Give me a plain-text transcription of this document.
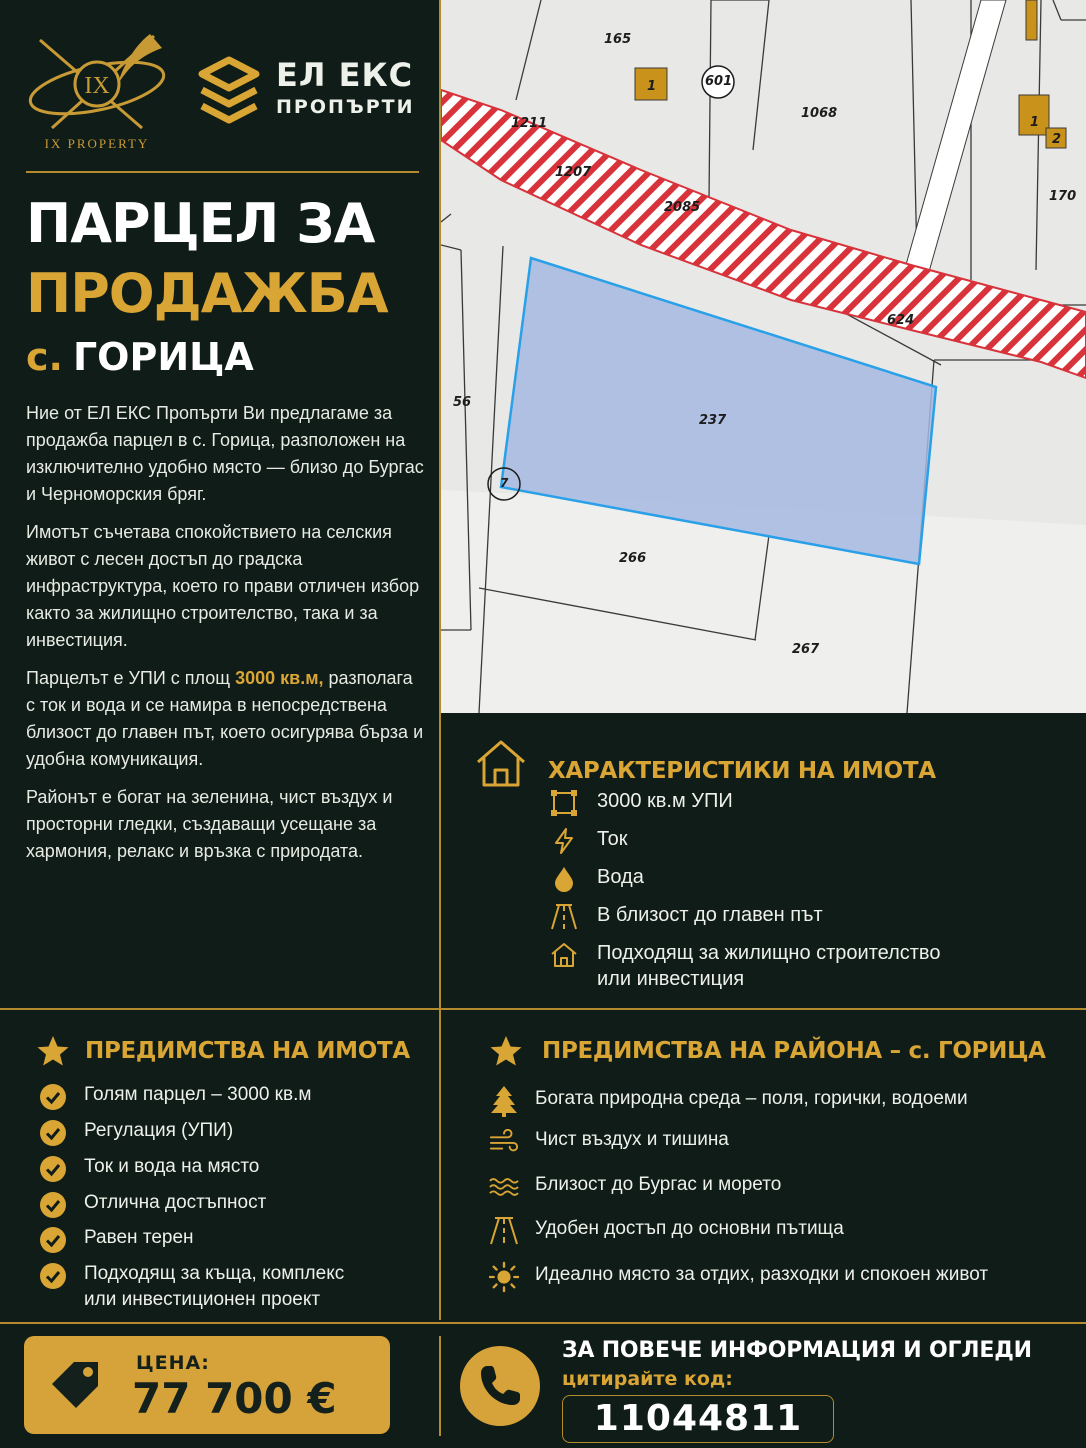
IX
IX PROPERTY
ЕЛ ЕКС
ПРОПЪРТИ
ПАРЦЕЛ ЗА
ПРОДАЖБА
с. ГОРИЦА

Ние от ЕЛ ЕКС Пропърти Ви предлагаме за продажба парцел в с. Горица, разположен на изключително удобно място — близо до Бургас и Черноморския бряг.

Имотът съчетава спокойствието на селския живот с лесен достъп до градска инфраструктура, което го прави отличен избор както за жилищно строителство, така и за инвестиция.

Парцелът е УПИ с площ 3000 кв.м, разполага с ток и вода и се намира в непосредствена близост до главен път, което осигурява бърза и удобна комуникация.

Районът е богат на зеленина, чист въздух и просторни гледки, създаващи усещане за хармония, релакс и връзка с природата.

165
1	601
1068
1
2
1211
1207
2085
170
624
237
56
7
266
267
ХАРАКТЕРИСТИКИ НА ИМОТА
3000 кв.м УПИ
Ток
Вода
В близост до главен път
Подходящ за жилищно строителство
или инвестиция
ПРЕДИМСТВА НА ИМОТА
Голям парцел – 3000 кв.м
Регулация (УПИ)
Ток и вода на място
Отлична достъпност
Равен терен
Подходящ за къща, комплекс
или инвестиционен проект
ПРЕДИМСТВА НА РАЙОНА – с. ГОРИЦА
Богата природна среда – поля, горички, водоеми
Чист въздух и тишина
Близост до Бургас и морето
Удобен достъп до основни пътища
Идеално място за отдих, разходки и спокоен живот
ЦЕНА:
77 700 €
ЗА ПОВЕЧЕ ИНФОРМАЦИЯ И ОГЛЕДИ
цитирайте код:
11044811
